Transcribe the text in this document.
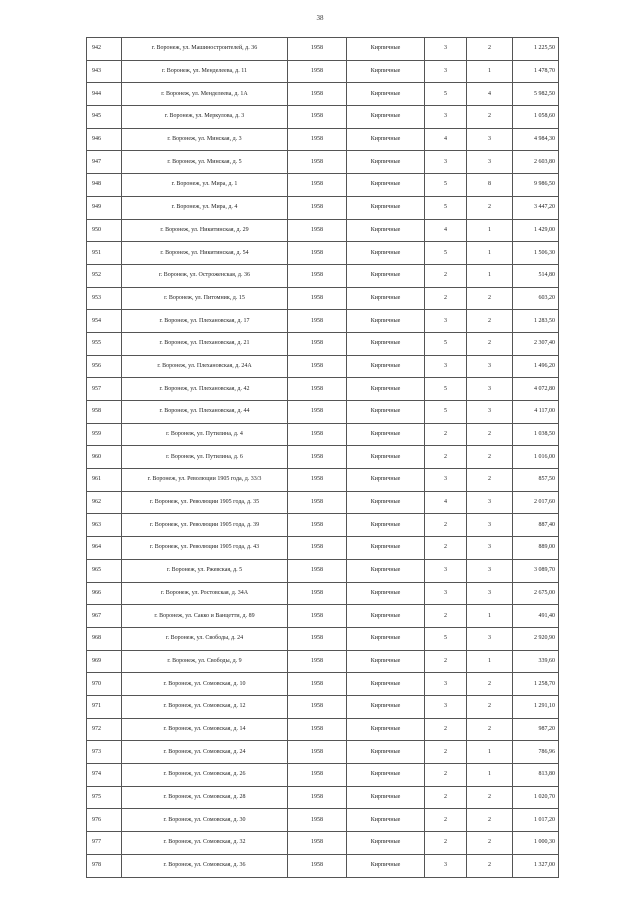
38
942	г. Воронеж, ул. Машиностроителей, д. 36	1958	Кирпичные	3	2	1 225,50
943	г. Воронеж, ул. Менделеева, д. 11	1958	Кирпичные	3	1	1 478,70
944	г. Воронеж, ул. Менделеева, д. 1А	1958	Кирпичные	5	4	5 982,50
945	г. Воронеж, ул. Меркулова, д. 3	1958	Кирпичные	3	2	1 058,60
946	г. Воронеж, ул. Минская, д. 3	1958	Кирпичные	4	3	4 984,30
947	г. Воронеж, ул. Минская, д. 5	1958	Кирпичные	3	3	2 603,80
948	г. Воронеж, ул. Мира, д. 1	1958	Кирпичные	5	8	9 986,50
949	г. Воронеж, ул. Мира, д. 4	1958	Кирпичные	5	2	3 447,20
950	г. Воронеж, ул. Никитинская, д. 29	1958	Кирпичные	4	1	1 429,00
951	г. Воронеж, ул. Никитинская, д. 54	1958	Кирпичные	5	1	1 506,30
952	г. Воронеж, ул. Остроженская, д. 36	1958	Кирпичные	2	1	514,80
953	г. Воронеж, ул. Питомник, д. 15	1958	Кирпичные	2	2	603,20
954	г. Воронеж, ул. Плехановская, д. 17	1958	Кирпичные	3	2	1 283,50
955	г. Воронеж, ул. Плехановская, д. 21	1958	Кирпичные	5	2	2 307,40
956	г. Воронеж, ул. Плехановская, д. 24А	1958	Кирпичные	3	3	1 496,20
957	г. Воронеж, ул. Плехановская, д. 42	1958	Кирпичные	5	3	4 072,80
958	г. Воронеж, ул. Плехановская, д. 44	1958	Кирпичные	5	3	4 117,00
959	г. Воронеж, ул. Путилина, д. 4	1958	Кирпичные	2	2	1 038,50
960	г. Воронеж, ул. Путилина, д. 6	1958	Кирпичные	2	2	1 016,00
961	г. Воронеж, ул. Революции 1905 года, д. 33/3	1958	Кирпичные	3	2	857,50
962	г. Воронеж, ул. Революции 1905 года, д. 35	1958	Кирпичные	4	3	2 017,60
963	г. Воронеж, ул. Революции 1905 года, д. 39	1958	Кирпичные	2	3	887,40
964	г. Воронеж, ул. Революции 1905 года, д. 43	1958	Кирпичные	2	3	889,00
965	г. Воронеж, ул. Ржевская, д. 5	1958	Кирпичные	3	3	3 089,70
966	г. Воронеж, ул. Ростовская, д. 34А	1958	Кирпичные	3	3	2 675,00
967	г. Воронеж, ул. Сакко и Ванцетти, д. 89	1958	Кирпичные	2	1	491,40
968	г. Воронеж, ул. Свободы, д. 24	1958	Кирпичные	5	3	2 920,90
969	г. Воронеж, ул. Свободы, д. 9	1958	Кирпичные	2	1	339,60
970	г. Воронеж, ул. Сомовская, д. 10	1958	Кирпичные	3	2	1 258,70
971	г. Воронеж, ул. Сомовская, д. 12	1958	Кирпичные	3	2	1 291,10
972	г. Воронеж, ул. Сомовская, д. 14	1958	Кирпичные	2	2	987,20
973	г. Воронеж, ул. Сомовская, д. 24	1958	Кирпичные	2	1	786,96
974	г. Воронеж, ул. Сомовская, д. 26	1958	Кирпичные	2	1	813,80
975	г. Воронеж, ул. Сомовская, д. 28	1958	Кирпичные	2	2	1 020,70
976	г. Воронеж, ул. Сомовская, д. 30	1958	Кирпичные	2	2	1 017,20
977	г. Воронеж, ул. Сомовская, д. 32	1958	Кирпичные	2	2	1 000,30
978	г. Воронеж, ул. Сомовская, д. 36	1958	Кирпичные	3	2	1 327,00
